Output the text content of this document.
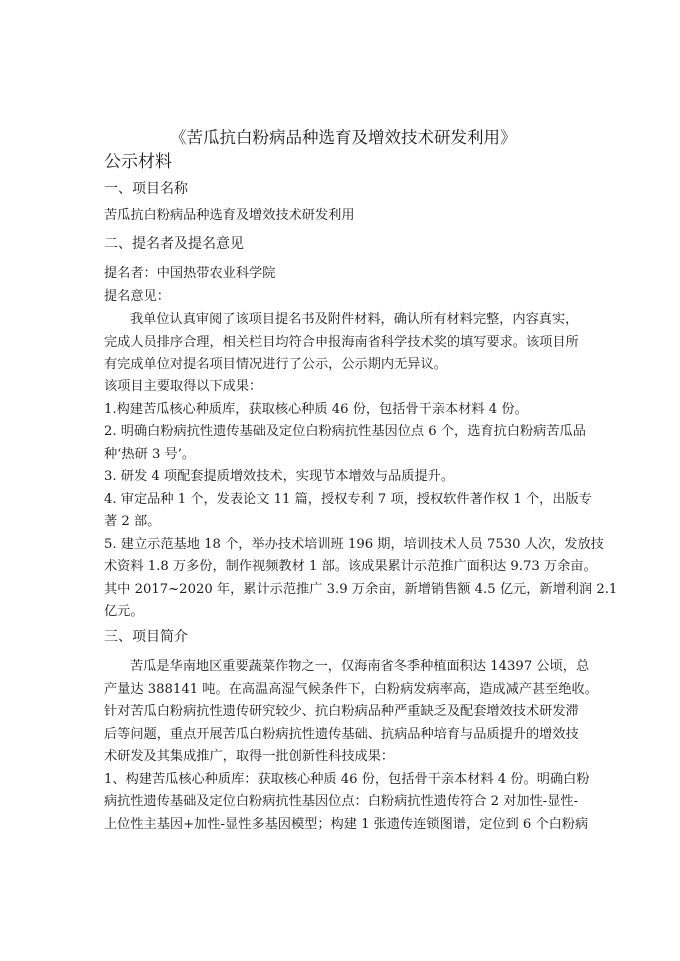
《苦瓜抗白粉病品种选育及增效技术研发利用》

公示材料

一、项目名称

苦瓜抗白粉病品种选育及增效技术研发利用

二、提名者及提名意见

提名者：中国热带农业科学院

提名意见：

我单位认真审阅了该项目提名书及附件材料，确认所有材料完整，内容真实，
完成人员排序合理，相关栏目均符合申报海南省科学技术奖的填写要求。该项目所
有完成单位对提名项目情况进行了公示，公示期内无异议。
该项目主要取得以下成果：
1.构建苦瓜核心种质库，获取核心种质 46 份，包括骨干亲本材料 4 份。
2. 明确白粉病抗性遗传基础及定位白粉病抗性基因位点 6 个，选育抗白粉病苦瓜品
种‘热研 3 号’。
3. 研发 4 项配套提质增效技术，实现节本增效与品质提升。
4. 审定品种 1 个，发表论文 11 篇，授权专利 7 项，授权软件著作权 1 个，出版专
著 2 部。
5. 建立示范基地 18 个，举办技术培训班 196 期，培训技术人员 7530 人次，发放技
术资料 1.8 万多份，制作视频教材 1 部。该成果累计示范推广面积达 9.73 万余亩。
其中 2017~2020 年，累计示范推广 3.9 万余亩，新增销售额 4.5 亿元，新增利润 2.1
亿元。

三、项目简介

苦瓜是华南地区重要蔬菜作物之一，仅海南省冬季种植面积达 14397 公顷，总
产量达 388141 吨。在高温高湿气候条件下，白粉病发病率高，造成减产甚至绝收。
针对苦瓜白粉病抗性遗传研究较少、抗白粉病品种严重缺乏及配套增效技术研发滞
后等问题，重点开展苦瓜白粉病抗性遗传基础、抗病品种培育与品质提升的增效技
术研发及其集成推广，取得一批创新性科技成果：
1、构建苦瓜核心种质库：获取核心种质 46 份，包括骨干亲本材料 4 份。明确白粉
病抗性遗传基础及定位白粉病抗性基因位点：白粉病抗性遗传符合 2 对加性-显性-
上位性主基因+加性-显性多基因模型；构建 1 张遗传连锁图谱，定位到 6 个白粉病
